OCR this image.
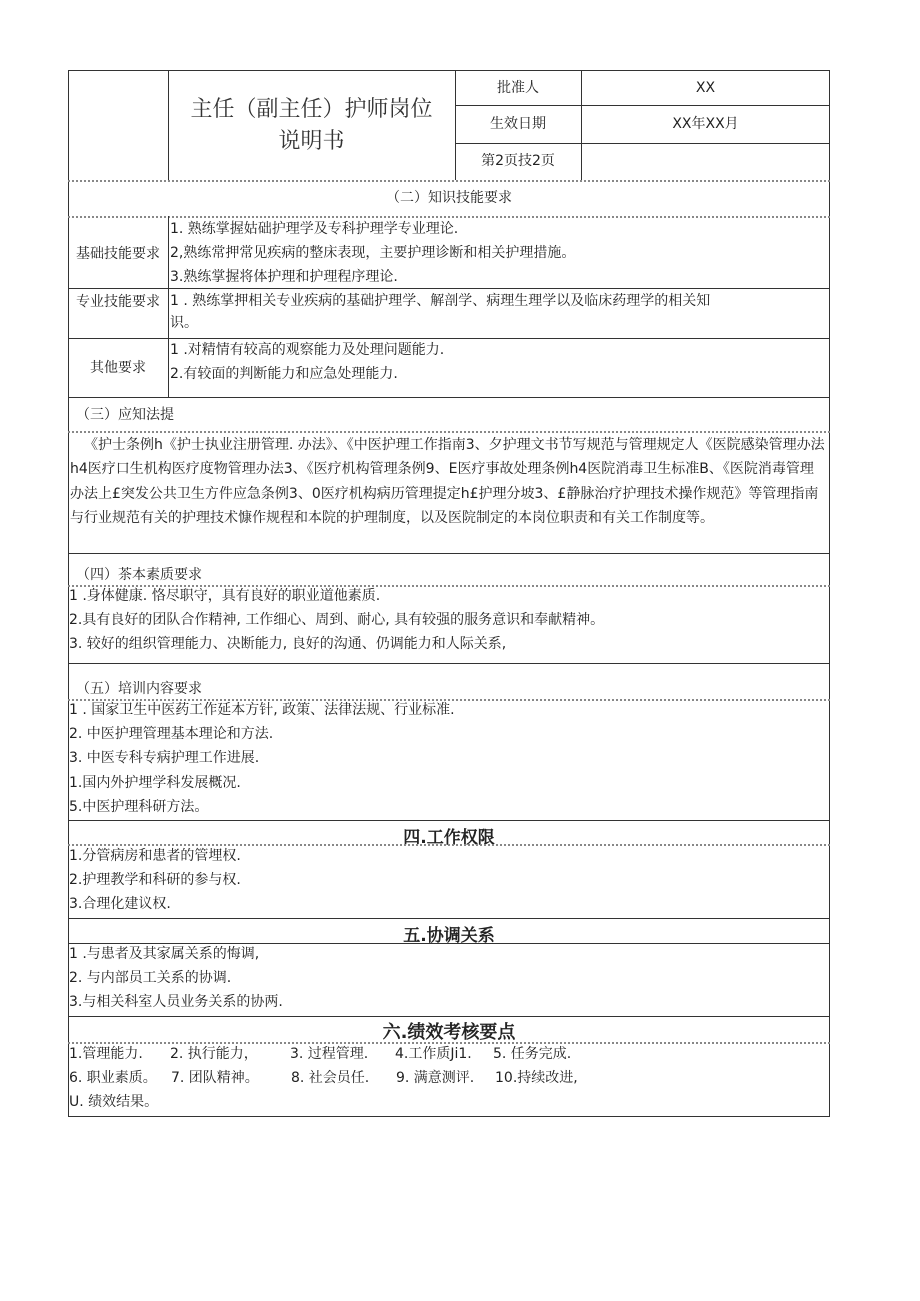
主任（副主任）护师岗位
说明书
批准人	XX
生效日期	XX年XX月
第2页技2页
（二）知识技能要求
基础技能要求
1. 熟练掌握姑础护理学及专科护理学专业理论.
2,熟练常押常见疾病的整床表现，主要护理诊断和相关护理措施。
3.熟练掌握将体护理和护理程序理论.
专业技能要求 1 . 熟练掌押相关专业疾病的基础护理学、解剖学、病理生理学以及临床药理学的相关知
识。
其他要求
1 .对精情有较高的观察能力及处理问题能力.
2.有较面的判断能力和应急处理能力.
（三）应知法提
《护士条例h《护士执业注册管理. 办法》、《中医护理工作指南3、夕护理文书节写规范与管理规定人《医院感染管理办法h4医疗口生机构医疗度物管理办法3、《医疗机构管理条例9、E医疗事故处理条例h4医院消毒卫生标准B、《医院消毒管理办法上£突发公共卫生方件应急条例3、0医疗机构病历管理提定h£护理分坡3、£静脉治疗护理技术操作规范》等管理指南与行业规范有关的护理技术慷作规程和本院的护理制度，以及医院制定的本岗位职责和有关工作制度等。
（四）茶本素质要求
1 .身体健康. 恪尽职守，具有良好的职业道他素质.
2.具有良好的团队合作精神, 工作细心、周到、耐心, 具有较强的服务意识和奉献精神。
3. 较好的组织管理能力、决断能力, 良好的沟通、仍调能力和人际关系,
（五）培训内容要求
1 . 国家卫生中医药工作延本方针, 政策、法律法规、行业标准.
2. 中医护理管理基本理论和方法.
3. 中医专科专病护理工作进展.
1.国内外护埋学科发展概况.
5.中医护理科研方法。
四.工作权限
1.分管病房和患者的管埋权.
2.护理教学和科研的参与权.
3.合理化建议权.
五.协调关系
1 .与患者及其家属关系的悔调,
2. 与内部员工关系的协调.
3.与相关科室人员业务关系的协两.
六.绩效考核要点
1.管理能力. 2. 执行能力， 3. 过程管理. 4.工作质Ji1. 5. 任务完成.
6. 职业素质。 7. 团队精神。 8. 社会员任. 9. 满意测评. 10.持续改进,
U. 绩效结果。
